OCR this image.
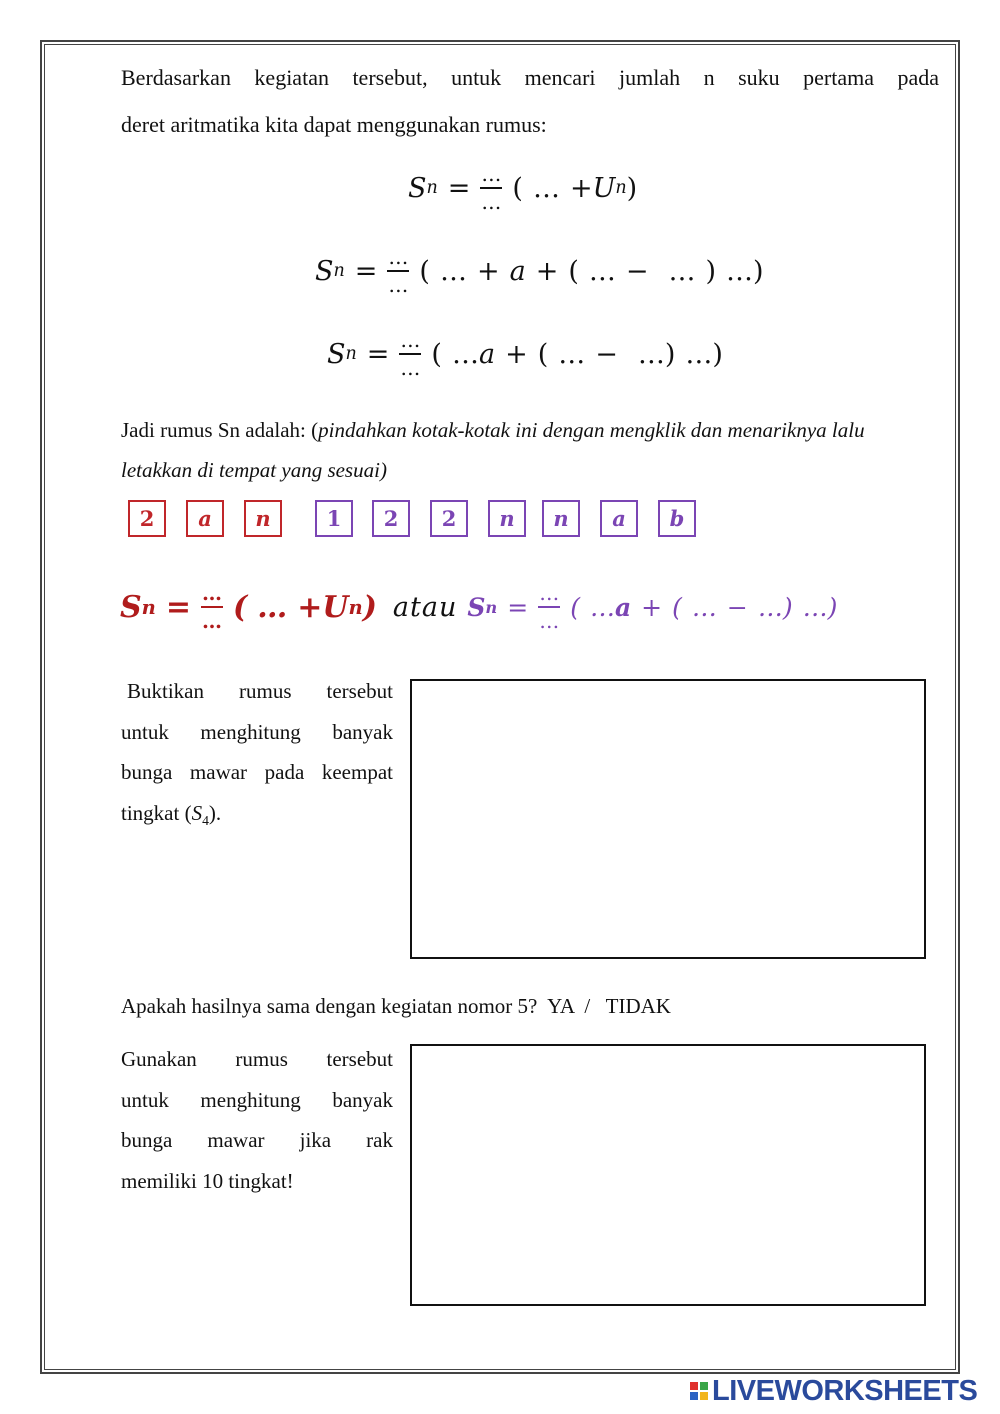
Berdasarkan kegiatan tersebut, untuk mencari jumlah n suku pertama pada
deret aritmatika kita dapat menggunakan rumus:
S $n = \frac{\dots}{\dots}$ ( … + U n )
S $n = \frac{\dots}{\dots}$ ( … + a + ( … − … ) … )
S $n = \frac{\dots}{\dots}$ ( … a + ( … − … ) … )
Jadi rumus Sn adalah: (pindahkan kotak-kotak ini dengan mengklik dan menariknya lalu
letakkan di tempat yang sesuai)
2	a	n	1	2	2	n	n	a	b
S $n = \frac{\dots}{\dots}$ ( … + U n ) atau S $n = \frac{\dots}{\dots}$ ( … a + ( … − … ) … )
Buktikan rumus tersebut
untuk menghitung banyak
bunga mawar pada keempat
tingkat $(S_4)$.
Apakah hasilnya sama dengan kegiatan nomor 5?  YA  /   TIDAK
Gunakan rumus tersebut
untuk menghitung banyak
bunga mawar jika rak
memiliki 10 tingkat!
LIVEWORKSHEETS
